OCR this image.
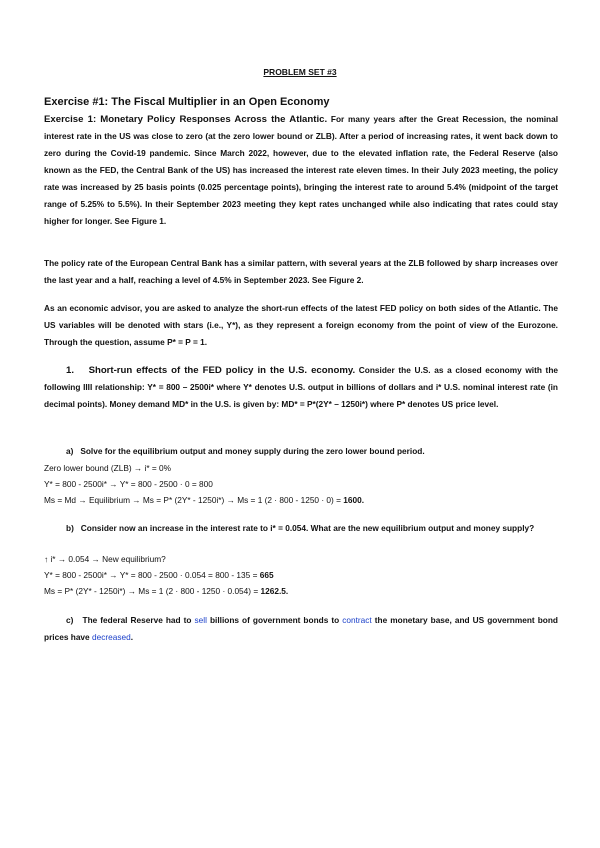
PROBLEM SET #3
Exercise #1: The Fiscal Multiplier in an Open Economy
Exercise 1: Monetary Policy Responses Across the Atlantic. For many years after the Great Recession, the nominal interest rate in the US was close to zero (at the zero lower bound or ZLB). After a period of increasing rates, it went back down to zero during the Covid-19 pandemic. Since March 2022, however, due to the elevated inflation rate, the Federal Reserve (also known as the FED, the Central Bank of the US) has increased the interest rate eleven times. In their July 2023 meeting, the policy rate was increased by 25 basis points (0.025 percentage points), bringing the interest rate to around 5.4% (midpoint of the target range of 5.25% to 5.5%). In their September 2023 meeting they kept rates unchanged while also indicating that rates could stay higher for longer. See Figure 1.
The policy rate of the European Central Bank has a similar pattern, with several years at the ZLB followed by sharp increases over the last year and a half, reaching a level of 4.5% in September 2023. See Figure 2.
As an economic advisor, you are asked to analyze the short-run effects of the latest FED policy on both sides of the Atlantic. The US variables will be denoted with stars (i.e., Y*), as they represent a foreign economy from the point of view of the Eurozone. Through the question, assume P* = P = 1.
1. Short-run effects of the FED policy in the U.S. economy. Consider the U.S. as a closed economy with the following IIII relationship: Y* = 800 – 2500i* where Y* denotes U.S. output in billions of dollars and i* U.S. nominal interest rate (in decimal points). Money demand MD* in the U.S. is given by: MD* = P*(2Y* – 1250i*) where P* denotes US price level.
a) Solve for the equilibrium output and money supply during the zero lower bound period.
Zero lower bound (ZLB) → i* = 0%
Y* = 800 - 2500i* → Y* = 800 - 2500 · 0 = 800
Ms = Md → Equilibrium → Ms = P* (2Y* - 1250i*) → Ms = 1 (2 · 800 - 1250 · 0) = 1600.
b) Consider now an increase in the interest rate to i* = 0.054. What are the new equilibrium output and money supply?
↑ i* → 0.054 → New equilibrium?
Y* = 800 - 2500i* → Y* = 800 - 2500 · 0.054 = 800 - 135 = 665
Ms = P* (2Y* - 1250i*) → Ms = 1 (2 · 800 - 1250 · 0.054) = 1262.5.
c) The federal Reserve had to sell billions of government bonds to contract the monetary base, and US government bond prices have decreased.
